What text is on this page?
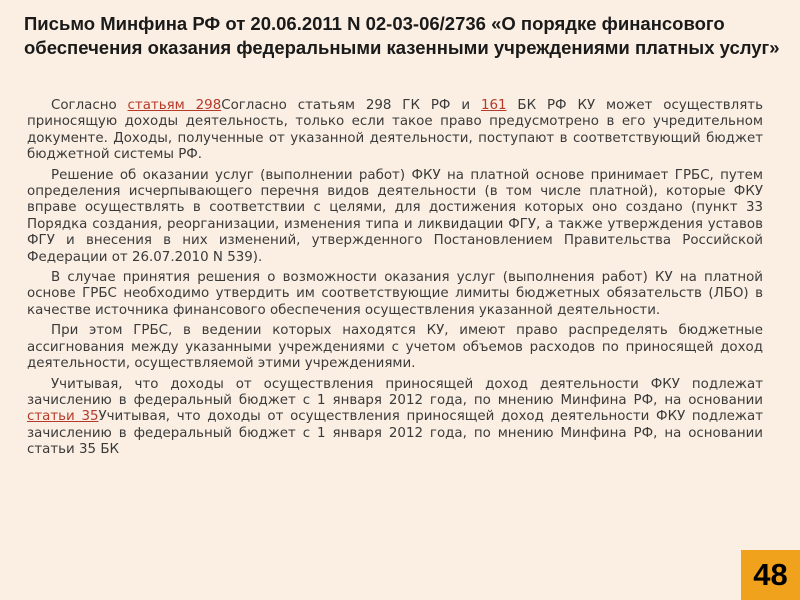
Письмо Минфина РФ от 20.06.2011 N 02-03-06/2736 «О порядке финансового обеспечения оказания федеральными казенными учреждениями платных услуг»

Согласно статьям 298Согласно статьям 298 ГК РФ и 161 БК РФ КУ может осуществлять приносящую доходы деятельность, только если такое право предусмотрено в его учредительном документе. Доходы, полученные от указанной деятельности, поступают в соответствующий бюджет бюджетной системы РФ.

Решение об оказании услуг (выполнении работ) ФКУ на платной основе принимает ГРБС, путем определения исчерпывающего перечня видов деятельности (в том числе платной), которые ФКУ вправе осуществлять в соответствии с целями, для достижения которых оно создано (пункт 33 Порядка создания, реорганизации, изменения типа и ликвидации ФГУ, а также утверждения уставов ФГУ и внесения в них изменений, утвержденного Постановлением Правительства Российской Федерации от 26.07.2010 N 539).

В случае принятия решения о возможности оказания услуг (выполнения работ) КУ на платной основе ГРБС необходимо утвердить им соответствующие лимиты бюджетных обязательств (ЛБО) в качестве источника финансового обеспечения осуществления указанной деятельности.

При этом ГРБС, в ведении которых находятся КУ, имеют право распределять бюджетные ассигнования между указанными учреждениями с учетом объемов расходов по приносящей доход деятельности, осуществляемой этими учреждениями.

Учитывая, что доходы от осуществления приносящей доход деятельности ФКУ подлежат зачислению в федеральный бюджет с 1 января 2012 года, по мнению Минфина РФ, на основании статьи 35Учитывая, что доходы от осуществления приносящей доход деятельности ФКУ подлежат зачислению в федеральный бюджет с 1 января 2012 года, по мнению Минфина РФ, на основании статьи 35 БК

48
